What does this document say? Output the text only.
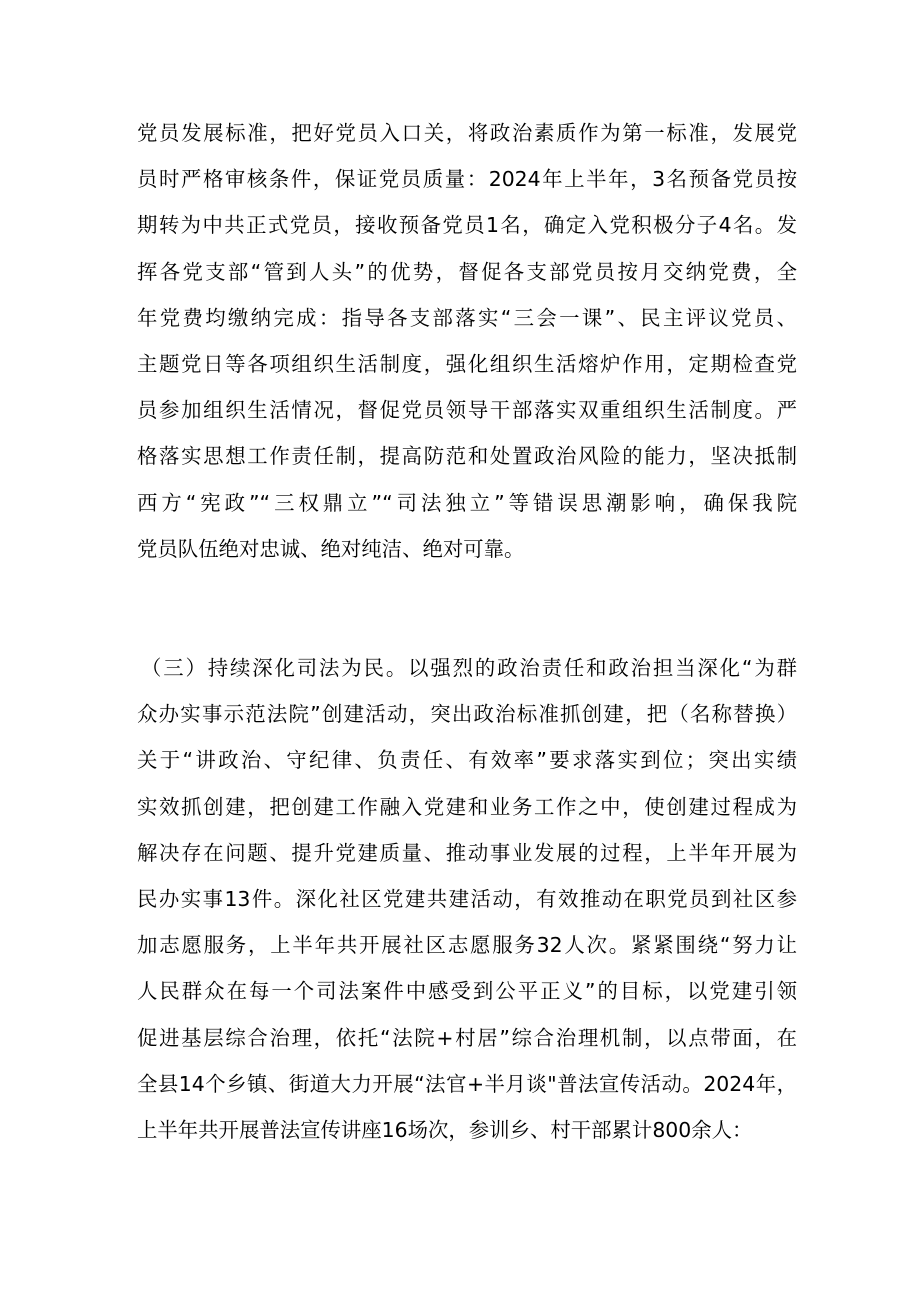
党员发展标准，把好党员入口关，将政治素质作为第一标准，发展党
员时严格审核条件，保证党员质量：2024年上半年，3名预备党员按
期转为中共正式党员，接收预备党员1名，确定入党积极分子4名。发
挥各党支部“管到人头”的优势，督促各支部党员按月交纳党费，全
年党费均缴纳完成：指导各支部落实“三会一课”、民主评议党员、
主题党日等各项组织生活制度，强化组织生活熔炉作用，定期检查党
员参加组织生活情况，督促党员领导干部落实双重组织生活制度。严
格落实思想工作责任制，提高防范和处置政治风险的能力，坚决抵制
西方“宪政”“三权鼎立”“司法独立”等错误思潮影响，确保我院
党员队伍绝对忠诚、绝对纯洁、绝对可靠。
（三）持续深化司法为民。以强烈的政治责任和政治担当深化“为群
众办实事示范法院”创建活动，突出政治标准抓创建，把（名称替换）
关于“讲政治、守纪律、负责任、有效率”要求落实到位；突出实绩
实效抓创建，把创建工作融入党建和业务工作之中，使创建过程成为
解决存在问题、提升党建质量、推动事业发展的过程，上半年开展为
民办实事13件。深化社区党建共建活动，有效推动在职党员到社区参
加志愿服务，上半年共开展社区志愿服务32人次。紧紧围绕“努力让
人民群众在每一个司法案件中感受到公平正义”的目标，以党建引领
促进基层综合治理，依托“法院+村居”综合治理机制，以点带面，在
全县14个乡镇、街道大力开展“法官+半月谈"普法宣传活动。2024年，
上半年共开展普法宣传讲座16场次，参训乡、村干部累计800余人：
